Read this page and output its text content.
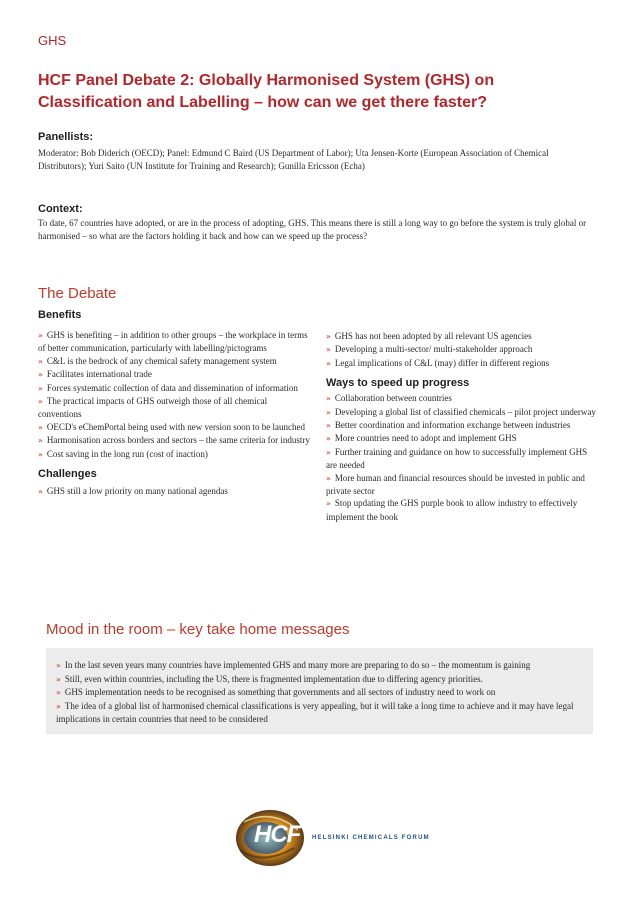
GHS
HCF Panel Debate 2: Globally Harmonised System (GHS) on Classification and Labelling – how can we get there faster?
Panellists:
Moderator: Bob Diderich (OECD); Panel: Edmund C Baird (US Department of Labor); Uta Jensen-Korte (European Association of Chemical Distributors); Yuri Saito (UN Institute for Training and Research); Gunilla Ericsson (Echa)
Context:
To date, 67 countries have adopted, or are in the process of adopting, GHS. This means there is still a long way to go before the system is truly global or harmonised – so what are the factors holding it back and how can we speed up the process?
The Debate
Benefits
» GHS is benefiting – in addition to other groups – the workplace in terms of better communication, particularly with labelling/pictograms
» C&L is the bedrock of any chemical safety management system
» Facilitates international trade
» Forces systematic collection of data and dissemination of information
» The practical impacts of GHS outweigh those of all chemical conventions
» OECD's eChemPortal being used with new version soon to be launched
» Harmonisation across borders and sectors – the same criteria for industry
» Cost saving in the long run (cost of inaction)
Challenges
» GHS still a low priority on many national agendas
» GHS has not been adopted by all relevant US agencies
» Developing a multi-sector/ multi-stakeholder approach
» Legal implications of C&L (may) differ in different regions
Ways to speed up progress
» Collaboration between countries
» Developing a global list of classified chemicals – pilot project underway
» Better coordination and information exchange between industries
» More countries need to adopt and implement GHS
» Further training and guidance on how to successfully implement GHS are needed
» More human and financial resources should be invested in public and private sector
» Stop updating the GHS purple book to allow industry to effectively implement the book
Mood in the room – key take home messages
» In the last seven years many countries have implemented GHS and many more are preparing to do so – the momentum is gaining
» Still, even within countries, including the US, there is fragmented implementation due to differing agency priorities.
» GHS implementation needs to be recognised as something that governments and all sectors of industry need to work on
» The idea of a global list of harmonised chemical classifications is very appealing, but it will take a long time to achieve and it may have legal implications in certain countries that need to be considered
HCF HELSINKI CHEMICALS FORUM
